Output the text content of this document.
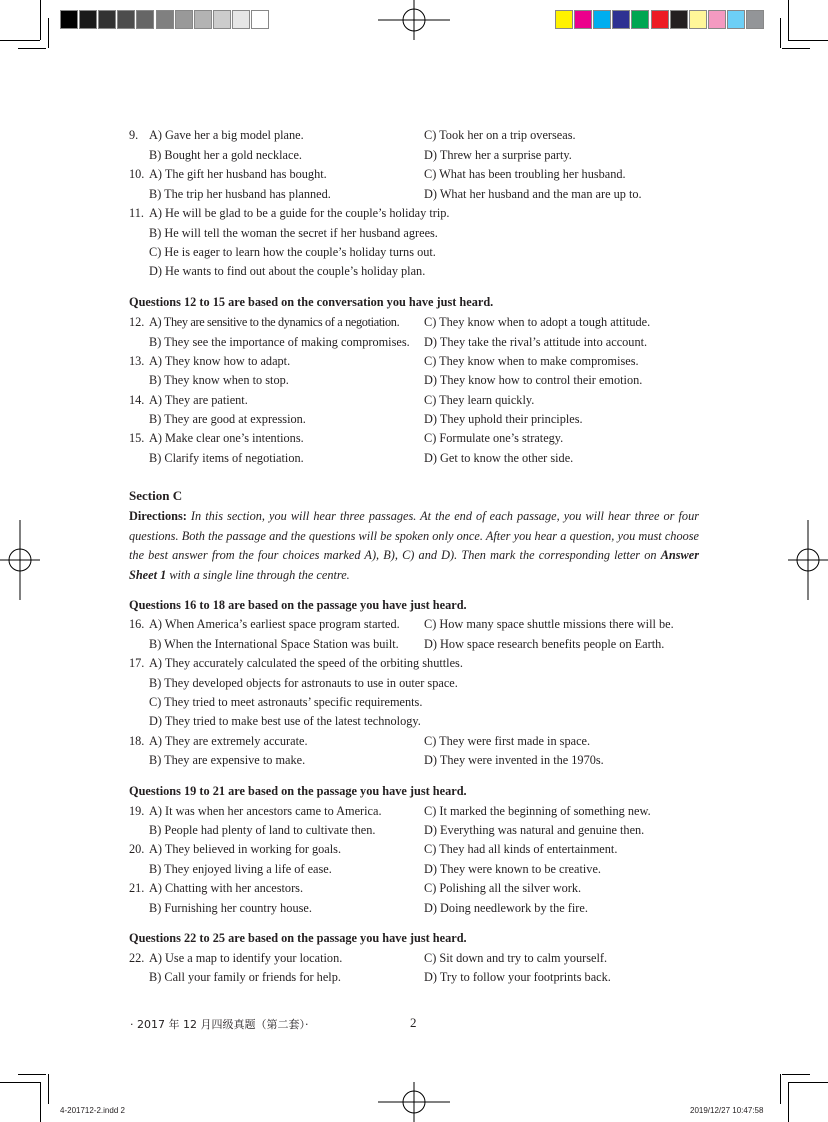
9. A) Gave her a big model plane.	C) Took her on a trip overseas.
B) Bought her a gold necklace.	D) Threw her a surprise party.
10. A) The gift her husband has bought.	C) What has been troubling her husband.
B) The trip her husband has planned.	D) What her husband and the man are up to.
11. A) He will be glad to be a guide for the couple’s holiday trip.
B) He will tell the woman the secret if her husband agrees.
C) He is eager to learn how the couple’s holiday turns out.
D) He wants to find out about the couple’s holiday plan.
Questions 12 to 15 are based on the conversation you have just heard.
12. A) They are sensitive to the dynamics of a negotiation. C) They know when to adopt a tough attitude.
B) They see the importance of making compromises. D) They take the rival’s attitude into account.
13. A) They know how to adapt.	C) They know when to make compromises.
B) They know when to stop.	D) They know how to control their emotion.
14. A) They are patient.	C) They learn quickly.
B) They are good at expression.	D) They uphold their principles.
15. A) Make clear one’s intentions.	C) Formulate one’s strategy.
B) Clarify items of negotiation.	D) Get to know the other side.
Section C
Directions: In this section, you will hear three passages. At the end of each passage, you will hear three or four questions. Both the passage and the questions will be spoken only once. After you hear a question, you must choose the best answer from the four choices marked A), B), C) and D). Then mark the corresponding letter on Answer Sheet 1 with a single line through the centre.
Questions 16 to 18 are based on the passage you have just heard.
16. A) When America’s earliest space program started. C) How many space shuttle missions there will be.
B) When the International Space Station was built. D) How space research benefits people on Earth.
17. A) They accurately calculated the speed of the orbiting shuttles.
B) They developed objects for astronauts to use in outer space.
C) They tried to meet astronauts’ specific requirements.
D) They tried to make best use of the latest technology.
18. A) They are extremely accurate.	C) They were first made in space.
B) They are expensive to make.	D) They were invented in the 1970s.
Questions 19 to 21 are based on the passage you have just heard.
19. A) It was when her ancestors came to America.	C) It marked the beginning of something new.
B) People had plenty of land to cultivate then.	D) Everything was natural and genuine then.
20. A) They believed in working for goals.	C) They had all kinds of entertainment.
B) They enjoyed living a life of ease.	D) They were known to be creative.
21. A) Chatting with her ancestors.	C) Polishing all the silver work.
B) Furnishing her country house.	D) Doing needlework by the fire.
Questions 22 to 25 are based on the passage you have just heard.
22. A) Use a map to identify your location.	C) Sit down and try to calm yourself.
B) Call your family or friends for help.	D) Try to follow your footprints back.
· 2017 年 12 月四级真题（第二套）·	2
4-201712-2.indd 2	2019/12/27 10:47:58
